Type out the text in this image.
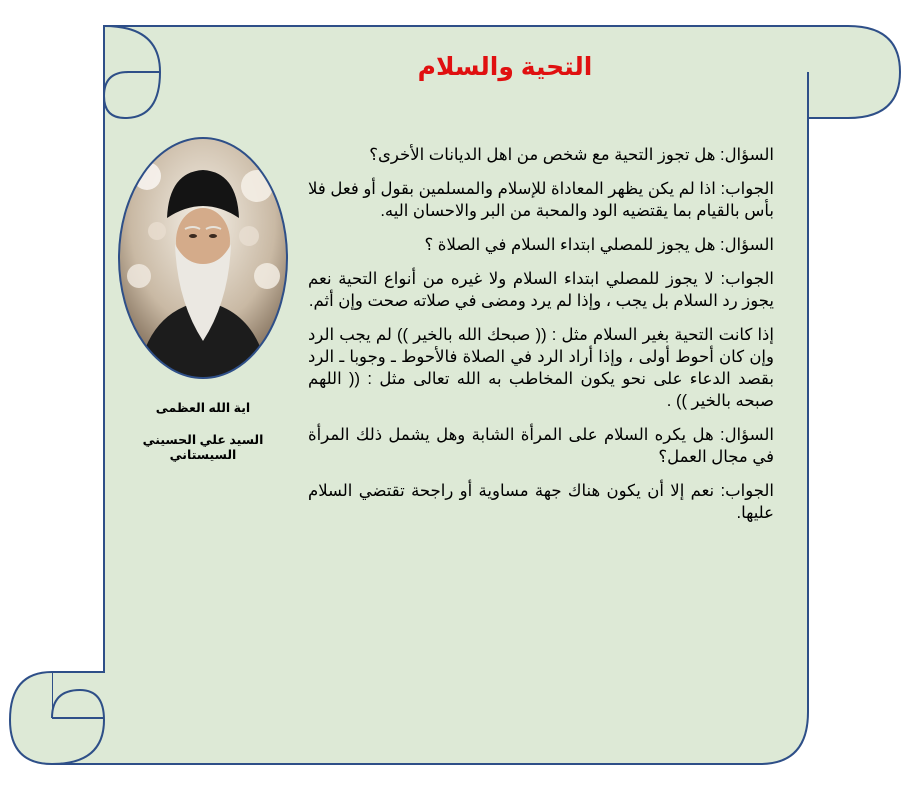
التحية والسلام

السؤال: هل تجوز التحية مع شخص من اهل الديانات الأخرى؟

الجواب: اذا لم يكن يظهر المعاداة للإسلام والمسلمين بقول أو فعل فلا بأس بالقيام بما يقتضيه الود والمحبة من البر والاحسان اليه.

السؤال: هل يجوز للمصلي ابتداء السلام في الصلاة ؟

الجواب: لا يجوز للمصلي ابتداء السلام ولا غيره من أنواع التحية نعم يجوز رد السلام بل يجب ، وإذا لم يرد ومضى في صلاته صحت وإن أثم.

إذا كانت التحية بغير السلام مثل : (( صبحك الله بالخير )) لم يجب الرد وإن كان أحوط أولى ، وإذا أراد الرد في الصلاة فالأحوط ـ وجوبا ـ الرد بقصد الدعاء على نحو يكون المخاطب به الله تعالى مثل : (( اللهم صبحه بالخير )) .

السؤال: هل يكره السلام على المرأة الشابة وهل يشمل ذلك المرأة في مجال العمل؟

الجواب: نعم إلا أن يكون هناك جهة مساوية أو راجحة تقتضي السلام عليها.

اية الله العظمى
السيد علي الحسيني السيستاني
